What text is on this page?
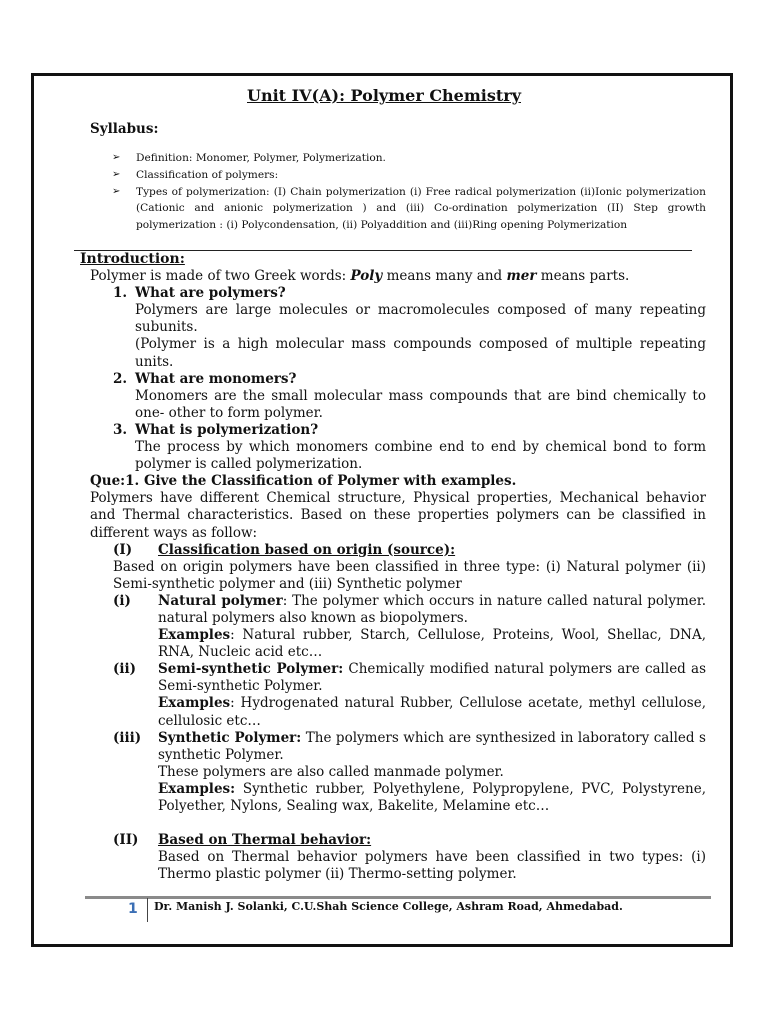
Unit IV(A): Polymer Chemistry
Syllabus:
➢ Definition: Monomer, Polymer, Polymerization.
➢ Classification of polymers:
➢ Types of polymerization: (I) Chain polymerization (i) Free radical polymerization (ii)Ionic polymerization (Cationic and anionic polymerization ) and (iii) Co-ordination polymerization (II) Step growth polymerization : (i) Polycondensation, (ii) Polyaddition and (iii)Ring opening Polymerization

Introduction:

Polymer is made of two Greek words: Poly means many and mer means parts.

1. What are polymers?

Polymers are large molecules or macromolecules composed of many repeating subunits.

(Polymer is a high molecular mass compounds composed of multiple repeating units.

2. What are monomers?

Monomers are the small molecular mass compounds that are bind chemically to one- other to form polymer.

3. What is polymerization?

The process by which monomers combine end to end by chemical bond to form polymer is called polymerization.

Que:1. Give the Classification of Polymer with examples.

Polymers have different Chemical structure, Physical properties, Mechanical behavior and Thermal characteristics. Based on these properties polymers can be classified in different ways as follow:

(I)	Classification based on origin (source):

Based on origin polymers have been classified in three type: (i) Natural polymer (ii) Semi-synthetic polymer and (iii) Synthetic polymer

(i)	Natural polymer: The polymer which occurs in nature called natural polymer. natural polymers also known as biopolymers.

Examples: Natural rubber, Starch, Cellulose, Proteins, Wool, Shellac, DNA, RNA, Nucleic acid etc…

(ii)	Semi-synthetic Polymer: Chemically modified natural polymers are called as Semi-synthetic Polymer.

Examples: Hydrogenated natural Rubber, Cellulose acetate, methyl cellulose, cellulosic etc…

(iii)	Synthetic Polymer: The polymers which are synthesized in laboratory called s synthetic Polymer.

These polymers are also called manmade polymer.

Examples: Synthetic rubber, Polyethylene, Polypropylene, PVC, Polystyrene, Polyether, Nylons, Sealing wax, Bakelite, Melamine etc…

(II)	Based on Thermal behavior:

Based on Thermal behavior polymers have been classified in two types: (i) Thermo plastic polymer (ii) Thermo-setting polymer.

1 Dr. Manish J. Solanki, C.U.Shah Science College, Ashram Road, Ahmedabad.
